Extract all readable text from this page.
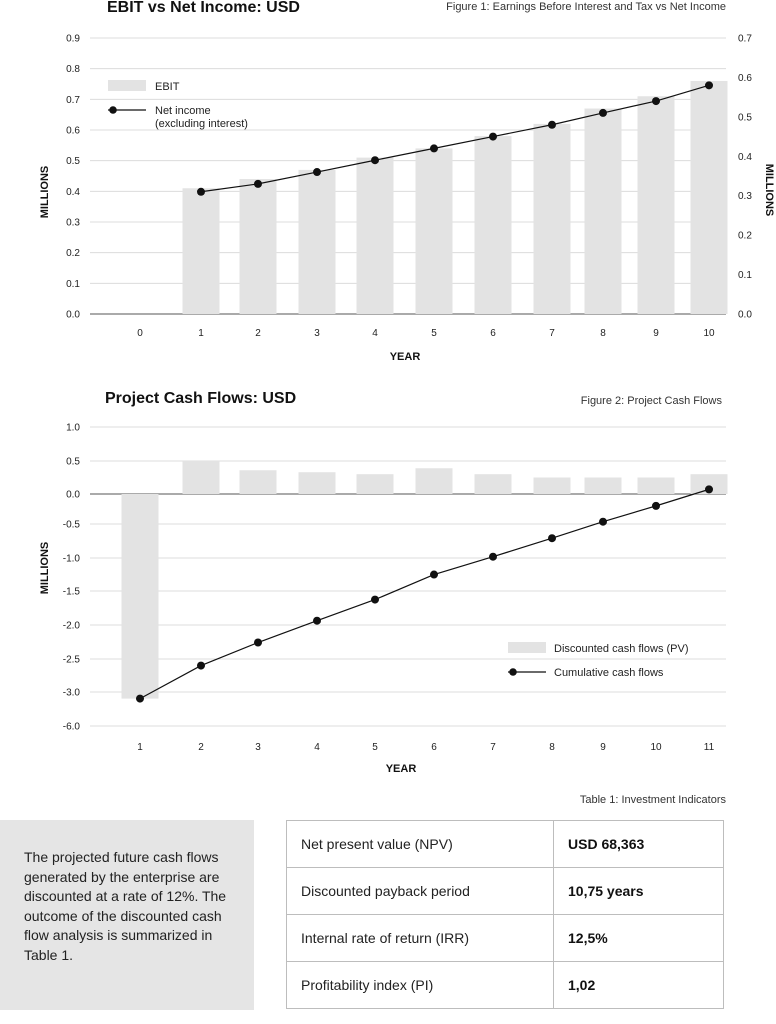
EBIT vs Net Income: USD	Figure 1: Earnings Before Interest and Tax vs Net Income
0.0
0.1
0.2
0.3
0.4
0.5
0.6
0.7
0.8
0.9
0.0
0.1
0.2
0.3
0.4
0.5
0.6
0.7
0	1	2	3	4	5	6	7	8	9	10
YEAR
MILLIONS	MILLIONS
EBIT
Net income
(excluding interest)
Project Cash Flows: USD	Figure 2: Project Cash Flows
-6.0
-3.0
-2.5
-2.0
-1.5
-1.0
-0.5
0.0
0.5
1.0
1	2	3	4	5	6	7	8	9	10	11
YEAR
MILLIONS
Discounted cash flows (PV)
Cumulative cash flows
Table 1: Investment Indicators

The projected future cash flows generated by the enterprise are discounted at a rate of 12%. The outcome of the discounted cash flow analysis is summarized in Table 1.

Net present value (NPV)	USD 68,363
Discounted payback period	10,75 years
Internal rate of return (IRR)	12,5%
Profitability index (PI)	1,02
